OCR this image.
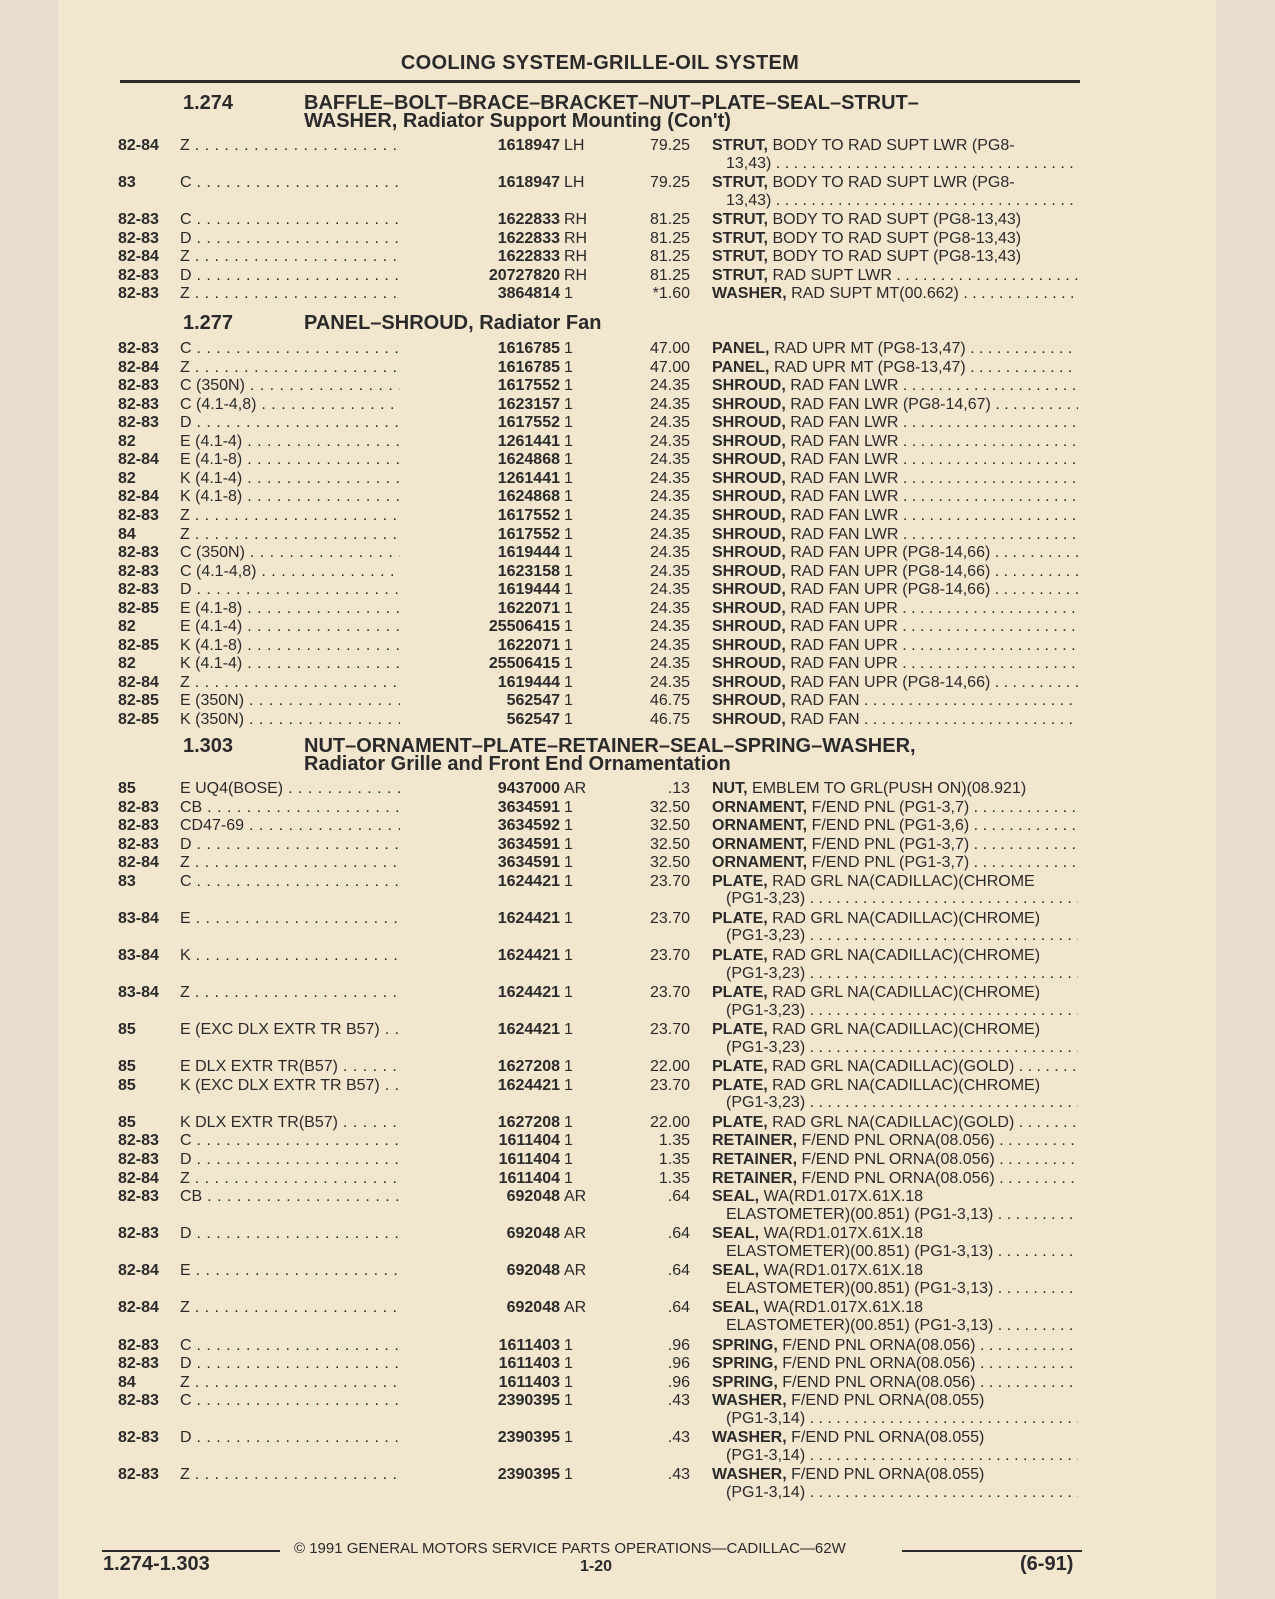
COOLING SYSTEM-GRILLE-OIL SYSTEM
1.274	BAFFLE–BOLT–BRACE–BRACKET–NUT–PLATE–SEAL–STRUT–
WASHER, Radiator Support Mounting (Con't)
82-84	Z . . .	1618947 LH	79.25 STRUT, BODY TO RAD SUPT LWR (PG8-
13,43) . . .
83	C . . .	1618947 LH	79.25 STRUT, BODY TO RAD SUPT LWR (PG8-
13,43) . . .
82-83	C . . .	1622833 RH	81.25 STRUT, BODY TO RAD SUPT (PG8-13,43)
82-83	D . . .	1622833 RH	81.25 STRUT, BODY TO RAD SUPT (PG8-13,43)
82-84	Z . . .	1622833 RH	81.25 STRUT, BODY TO RAD SUPT (PG8-13,43)
82-83	D . . .	20727820 RH	81.25 STRUT, RAD SUPT LWR . . .
82-83	Z . . .	3864814 1	*1.60 WASHER, RAD SUPT MT(00.662) . . .
1.277	PANEL–SHROUD, Radiator Fan
82-83	C . . .	1616785 1	47.00 PANEL, RAD UPR MT (PG8-13,47) . . .
82-84	Z . . .	1616785 1	47.00 PANEL, RAD UPR MT (PG8-13,47) . . .
82-83	C (350N) . . .	1617552 1	24.35 SHROUD, RAD FAN LWR . . .
82-83	C (4.1-4,8) . . .	1623157 1	24.35 SHROUD, RAD FAN LWR (PG8-14,67) . . .
82-83	D . . .	1617552 1	24.35 SHROUD, RAD FAN LWR . . .
82	E (4.1-4) . . .	1261441 1	24.35 SHROUD, RAD FAN LWR . . .
82-84	E (4.1-8) . . .	1624868 1	24.35 SHROUD, RAD FAN LWR . . .
82	K (4.1-4) . . .	1261441 1	24.35 SHROUD, RAD FAN LWR . . .
82-84	K (4.1-8) . . .	1624868 1	24.35 SHROUD, RAD FAN LWR . . .
82-83	Z . . .	1617552 1	24.35 SHROUD, RAD FAN LWR . . .
84	Z . . .	1617552 1	24.35 SHROUD, RAD FAN LWR . . .
82-83	C (350N) . . .	1619444 1	24.35 SHROUD, RAD FAN UPR (PG8-14,66) . . .
82-83	C (4.1-4,8) . . .	1623158 1	24.35 SHROUD, RAD FAN UPR (PG8-14,66) . . .
82-83	D . . .	1619444 1	24.35 SHROUD, RAD FAN UPR (PG8-14,66) . . .
82-85	E (4.1-8) . . .	1622071 1	24.35 SHROUD, RAD FAN UPR . . .
82	E (4.1-4) . . .	25506415 1	24.35 SHROUD, RAD FAN UPR . . .
82-85	K (4.1-8) . . .	1622071 1	24.35 SHROUD, RAD FAN UPR . . .
82	K (4.1-4) . . .	25506415 1	24.35 SHROUD, RAD FAN UPR . . .
82-84	Z . . .	1619444 1	24.35 SHROUD, RAD FAN UPR (PG8-14,66) . . .
82-85	E (350N) . . .	562547 1	46.75 SHROUD, RAD FAN . . .
82-85	K (350N) . . .	562547 1	46.75 SHROUD, RAD FAN . . .
1.303	NUT–ORNAMENT–PLATE–RETAINER–SEAL–SPRING–WASHER,
Radiator Grille and Front End Ornamentation
85	E UQ4(BOSE) . . .	9437000 AR	.13 NUT, EMBLEM TO GRL(PUSH ON)(08.921)
82-83	CB . . .	3634591 1	32.50 ORNAMENT, F/END PNL (PG1-3,7) . . .
82-83	CD47-69 . . .	3634592 1	32.50 ORNAMENT, F/END PNL (PG1-3,6) . . .
82-83	D . . .	3634591 1	32.50 ORNAMENT, F/END PNL (PG1-3,7) . . .
82-84	Z . . .	3634591 1	32.50 ORNAMENT, F/END PNL (PG1-3,7) . . .
83	C . . .	1624421 1	23.70 PLATE, RAD GRL NA(CADILLAC)(CHROME
(PG1-3,23) . . .
83-84	E . . .	1624421 1	23.70 PLATE, RAD GRL NA(CADILLAC)(CHROME)
(PG1-3,23) . . .
83-84	K . . .	1624421 1	23.70 PLATE, RAD GRL NA(CADILLAC)(CHROME)
(PG1-3,23) . . .
83-84	Z . . .	1624421 1	23.70 PLATE, RAD GRL NA(CADILLAC)(CHROME)
(PG1-3,23) . . .
85	E (EXC DLX EXTR TR B57) . . .	1624421 1	23.70 PLATE, RAD GRL NA(CADILLAC)(CHROME)
(PG1-3,23) . . .
85	E DLX EXTR TR(B57) . . .	1627208 1	22.00 PLATE, RAD GRL NA(CADILLAC)(GOLD) . . .
85	K (EXC DLX EXTR TR B57) . . .	1624421 1	23.70 PLATE, RAD GRL NA(CADILLAC)(CHROME)
(PG1-3,23) . . .
85	K DLX EXTR TR(B57) . . .	1627208 1	22.00 PLATE, RAD GRL NA(CADILLAC)(GOLD) . . .
82-83	C . . .	1611404 1	1.35 RETAINER, F/END PNL ORNA(08.056) . . .
82-83	D . . .	1611404 1	1.35 RETAINER, F/END PNL ORNA(08.056) . . .
82-84	Z . . .	1611404 1	1.35 RETAINER, F/END PNL ORNA(08.056) . . .
82-83	CB . . .	692048 AR	.64 SEAL, WA(RD1.017X.61X.18
ELASTOMETER)(00.851) (PG1-3,13) . . .
82-83	D . . .	692048 AR	.64 SEAL, WA(RD1.017X.61X.18
ELASTOMETER)(00.851) (PG1-3,13) . . .
82-84	E . . .	692048 AR	.64 SEAL, WA(RD1.017X.61X.18
ELASTOMETER)(00.851) (PG1-3,13) . . .
82-84	Z . . .	692048 AR	.64 SEAL, WA(RD1.017X.61X.18
ELASTOMETER)(00.851) (PG1-3,13) . . .
82-83	C . . .	1611403 1	.96 SPRING, F/END PNL ORNA(08.056) . . .
82-83	D . . .	1611403 1	.96 SPRING, F/END PNL ORNA(08.056) . . .
84	Z . . .	1611403 1	.96 SPRING, F/END PNL ORNA(08.056) . . .
82-83	C . . .	2390395 1	.43 WASHER, F/END PNL ORNA(08.055)
(PG1-3,14) . . .
82-83	D . . .	2390395 1	.43 WASHER, F/END PNL ORNA(08.055)
(PG1-3,14) . . .
82-83	Z . . .	2390395 1	.43 WASHER, F/END PNL ORNA(08.055)
(PG1-3,14) . . .
© 1991 GENERAL MOTORS SERVICE PARTS OPERATIONS—CADILLAC—62W
1.274-1.303	1-20	(6-91)
